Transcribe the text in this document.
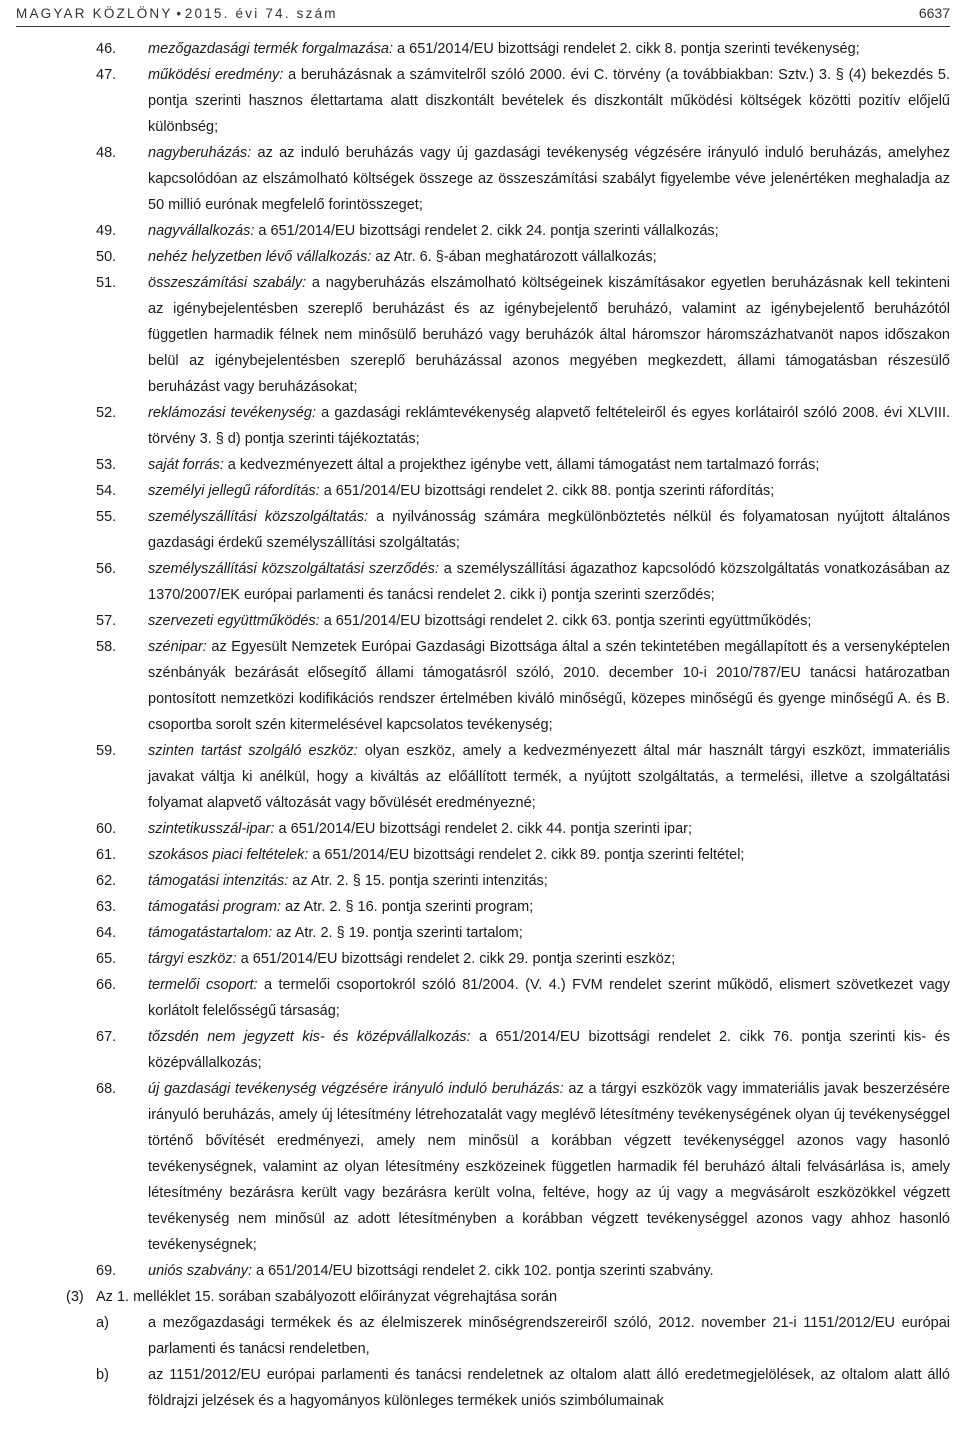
MAGYAR KÖZLÖNY • 2015. évi 74. szám	6637
46. mezőgazdasági termék forgalmazása: a 651/2014/EU bizottsági rendelet 2. cikk 8. pontja szerinti tevékenység;
47. működési eredmény: a beruházásnak a számvitelről szóló 2000. évi C. törvény (a továbbiakban: Sztv.) 3. § (4) bekezdés 5. pontja szerinti hasznos élettartama alatt diszkontált bevételek és diszkontált működési költségek közötti pozitív előjelű különbség;
48. nagyberuházás: az az induló beruházás vagy új gazdasági tevékenység végzésére irányuló induló beruházás, amelyhez kapcsolódóan az elszámolható költségek összege az összeszámítási szabályt figyelembe véve jelenértéken meghaladja az 50 millió eurónak megfelelő forintösszeget;
49. nagyvállalkozás: a 651/2014/EU bizottsági rendelet 2. cikk 24. pontja szerinti vállalkozás;
50. nehéz helyzetben lévő vállalkozás: az Atr. 6. §-ában meghatározott vállalkozás;
51. összeszámítási szabály: a nagyberuházás elszámolható költségeinek kiszámításakor egyetlen beruházásnak kell tekinteni az igénybejelentésben szereplő beruházást és az igénybejelentő beruházó, valamint az igénybejelentő beruházótól független harmadik félnek nem minősülő beruházó vagy beruházók által háromszor háromszázhatvanöt napos időszakon belül az igénybejelentésben szereplő beruházással azonos megyében megkezdett, állami támogatásban részesülő beruházást vagy beruházásokat;
52. reklámozási tevékenység: a gazdasági reklámtevékenység alapvető feltételeiről és egyes korlátairól szóló 2008. évi XLVIII. törvény 3. § d) pontja szerinti tájékoztatás;
53. saját forrás: a kedvezményezett által a projekthez igénybe vett, állami támogatást nem tartalmazó forrás;
54. személyi jellegű ráfordítás: a 651/2014/EU bizottsági rendelet 2. cikk 88. pontja szerinti ráfordítás;
55. személyszállítási közszolgáltatás: a nyilvánosság számára megkülönböztetés nélkül és folyamatosan nyújtott általános gazdasági érdekű személyszállítási szolgáltatás;
56. személyszállítási közszolgáltatási szerződés: a személyszállítási ágazathoz kapcsolódó közszolgáltatás vonatkozásában az 1370/2007/EK európai parlamenti és tanácsi rendelet 2. cikk i) pontja szerinti szerződés;
57. szervezeti együttműködés: a 651/2014/EU bizottsági rendelet 2. cikk 63. pontja szerinti együttműködés;
58. szénipar: az Egyesült Nemzetek Európai Gazdasági Bizottsága által a szén tekintetében megállapított és a versenyképtelen szénbányák bezárását elősegítő állami támogatásról szóló, 2010. december 10-i 2010/787/EU tanácsi határozatban pontosított nemzetközi kodifikációs rendszer értelmében kiváló minőségű, közepes minőségű és gyenge minőségű A. és B. csoportba sorolt szén kitermelésével kapcsolatos tevékenység;
59. szinten tartást szolgáló eszköz: olyan eszköz, amely a kedvezményezett által már használt tárgyi eszközt, immateriális javakat váltja ki anélkül, hogy a kiváltás az előállított termék, a nyújtott szolgáltatás, a termelési, illetve a szolgáltatási folyamat alapvető változását vagy bővülését eredményezné;
60. szintetikusszál-ipar: a 651/2014/EU bizottsági rendelet 2. cikk 44. pontja szerinti ipar;
61. szokásos piaci feltételek: a 651/2014/EU bizottsági rendelet 2. cikk 89. pontja szerinti feltétel;
62. támogatási intenzitás: az Atr. 2. § 15. pontja szerinti intenzitás;
63. támogatási program: az Atr. 2. § 16. pontja szerinti program;
64. támogatástartalom: az Atr. 2. § 19. pontja szerinti tartalom;
65. tárgyi eszköz: a 651/2014/EU bizottsági rendelet 2. cikk 29. pontja szerinti eszköz;
66. termelői csoport: a termelői csoportokról szóló 81/2004. (V. 4.) FVM rendelet szerint működő, elismert szövetkezet vagy korlátolt felelősségű társaság;
67. tőzsdén nem jegyzett kis- és középvállalkozás: a 651/2014/EU bizottsági rendelet 2. cikk 76. pontja szerinti kis- és középvállalkozás;
68. új gazdasági tevékenység végzésére irányuló induló beruházás: az a tárgyi eszközök vagy immateriális javak beszerzésére irányuló beruházás, amely új létesítmény létrehozatalát vagy meglévő létesítmény tevékenységének olyan új tevékenységgel történő bővítését eredményezi, amely nem minősül a korábban végzett tevékenységgel azonos vagy hasonló tevékenységnek, valamint az olyan létesítmény eszközeinek független harmadik fél beruházó általi felvásárlása is, amely létesítmény bezárásra került vagy bezárásra került volna, feltéve, hogy az új vagy a megvásárolt eszközökkel végzett tevékenység nem minősül az adott létesítményben a korábban végzett tevékenységgel azonos vagy ahhoz hasonló tevékenységnek;
69. uniós szabvány: a 651/2014/EU bizottsági rendelet 2. cikk 102. pontja szerinti szabvány.
(3) Az 1. melléklet 15. sorában szabályozott előirányzat végrehajtása során
a)	a mezőgazdasági termékek és az élelmiszerek minőségrendszereiről szóló, 2012. november 21-i 1151/2012/EU európai parlamenti és tanácsi rendeletben,
b)	az 1151/2012/EU európai parlamenti és tanácsi rendeletnek az oltalom alatt álló eredetmegjelölések, az oltalom alatt álló földrajzi jelzések és a hagyományos különleges termékek uniós szimbólumainak
